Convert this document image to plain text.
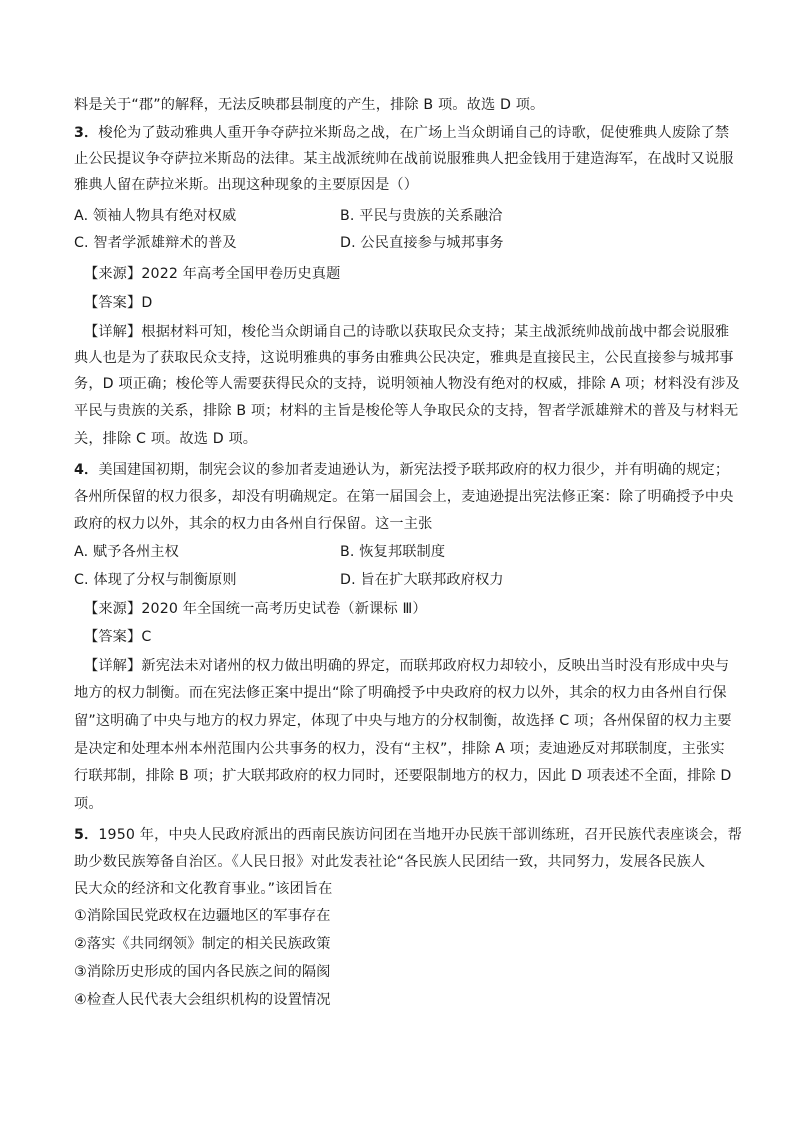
料是关于“郡”的解释，无法反映郡县制度的产生，排除 B 项。故选 D 项。
3．梭伦为了鼓动雅典人重开争夺萨拉米斯岛之战，在广场上当众朗诵自己的诗歌，促使雅典人废除了禁
止公民提议争夺萨拉米斯岛的法律。某主战派统帅在战前说服雅典人把金钱用于建造海军，在战时又说服
雅典人留在萨拉米斯。出现这种现象的主要原因是（）
A. 领袖人物具有绝对权威	B. 平民与贵族的关系融洽
C. 智者学派雄辩术的普及	D. 公民直接参与城邦事务
【来源】2022 年高考全国甲卷历史真题
【答案】D
【详解】根据材料可知，梭伦当众朗诵自己的诗歌以获取民众支持；某主战派统帅战前战中都会说服雅
典人也是为了获取民众支持，这说明雅典的事务由雅典公民决定，雅典是直接民主，公民直接参与城邦事
务，D 项正确；梭伦等人需要获得民众的支持，说明领袖人物没有绝对的权威，排除 A 项；材料没有涉及
平民与贵族的关系，排除 B 项；材料的主旨是梭伦等人争取民众的支持，智者学派雄辩术的普及与材料无
关，排除 C 项。故选 D 项。
4．美国建国初期，制宪会议的参加者麦迪逊认为，新宪法授予联邦政府的权力很少，并有明确的规定；
各州所保留的权力很多，却没有明确规定。在第一届国会上，麦迪逊提出宪法修正案：除了明确授予中央
政府的权力以外，其余的权力由各州自行保留。这一主张
A. 赋予各州主权	B. 恢复邦联制度
C. 体现了分权与制衡原则	D. 旨在扩大联邦政府权力
【来源】2020 年全国统一高考历史试卷（新课标 Ⅲ）
【答案】C
【详解】新宪法未对诸州的权力做出明确的界定，而联邦政府权力却较小，反映出当时没有形成中央与
地方的权力制衡。而在宪法修正案中提出“除了明确授予中央政府的权力以外，其余的权力由各州自行保
留”这明确了中央与地方的权力界定，体现了中央与地方的分权制衡，故选择 C 项；各州保留的权力主要
是决定和处理本州本州范围内公共事务的权力，没有“主权”，排除 A 项；麦迪逊反对邦联制度，主张实
行联邦制，排除 B 项；扩大联邦政府的权力同时，还要限制地方的权力，因此 D 项表述不全面，排除 D
项。
5．1950 年，中央人民政府派出的西南民族访问团在当地开办民族干部训练班，召开民族代表座谈会，帮
助少数民族筹备自治区。《人民日报》对此发表社论“各民族人民团结一致，共同努力，发展各民族人
民大众的经济和文化教育事业。”该团旨在
①消除国民党政权在边疆地区的军事存在
②落实《共同纲领》制定的相关民族政策
③消除历史形成的国内各民族之间的隔阂
④检查人民代表大会组织机构的设置情况
